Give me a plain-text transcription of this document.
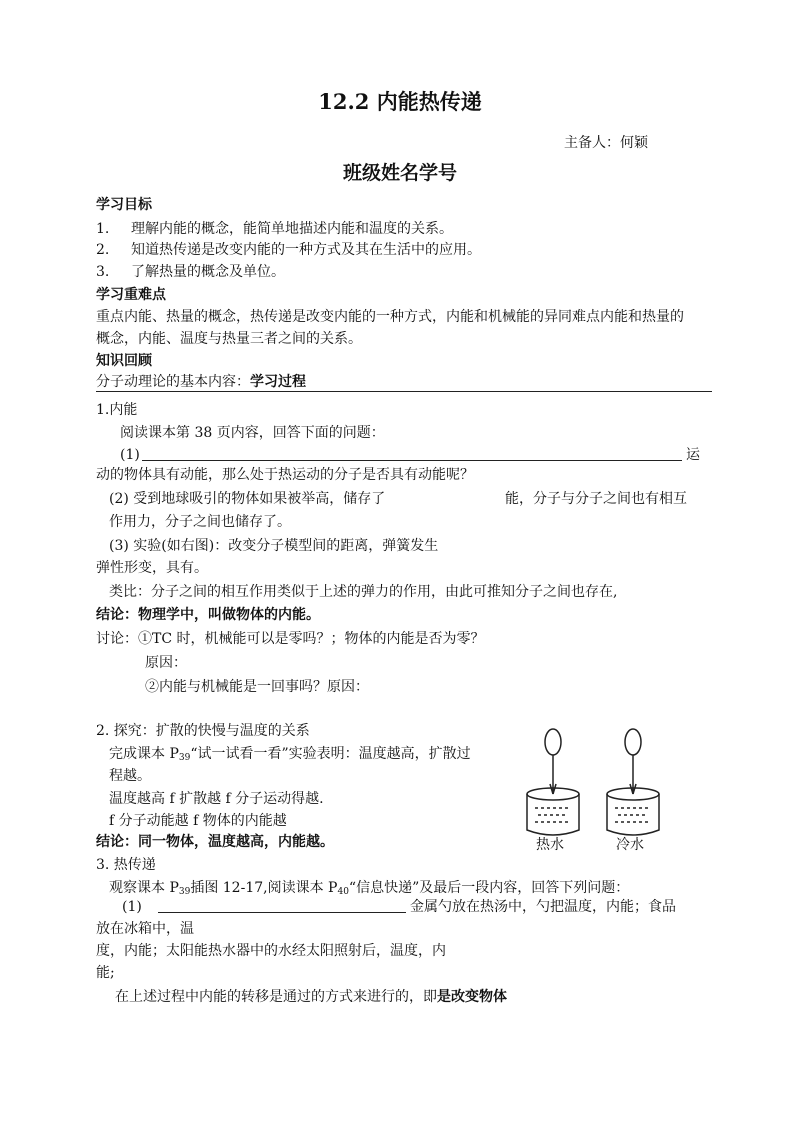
12.2 内能热传递
主备人：何颖
班级姓名学号
学习目标
1. 理解内能的概念，能简单地描述内能和温度的关系。
2. 知道热传递是改变内能的一种方式及其在生活中的应用。
3. 了解热量的概念及单位。
学习重难点
重点内能、热量的概念，热传递是改变内能的一种方式，内能和机械能的异同难点内能和热量的
概念，内能、温度与热量三者之间的关系。
知识回顾
分子动理论的基本内容：学习过程
1.内能
阅读课本第 38 页内容，回答下面的问题：
(1)	运
动的物体具有动能，那么处于热运动的分子是否具有动能呢？
(2) 受到地球吸引的物体如果被举高，储存了	能，分子与分子之间也有相互
作用力，分子之间也储存了。
(3) 实验(如右图)：改变分子模型间的距离，弹簧发生
弹性形变，具有。
类比：分子之间的相互作用类似于上述的弹力的作用，由此可推知分子之间也存在,
结论：物理学中，叫做物体的内能。
讨论：①TC 时，机械能可以是零吗？；物体的内能是否为零？
原因：
②内能与机械能是一回事吗？原因：
2. 探究：扩散的快慢与温度的关系
完成课本 $P_{39}“$试一试看一看”实验表明：温度越高，扩散过
程越。
温度越高 f 扩散越 f 分子运动得越.
f 分子动能越 f 物体的内能越
结论：同一物体，温度越高，内能越。	热水	冷水
3. 热传递
观察课本 $P_{39}$插图 12-17,阅读课本 $P_{40}“$信息快递”及最后一段内容，回答下列问题：
(1)	金属勺放在热汤中，勺把温度，内能；食品
放在冰箱中，温
度，内能；太阳能热水器中的水经太阳照射后，温度，内
能;
在上述过程中内能的转移是通过的方式来进行的，即是改变物体
